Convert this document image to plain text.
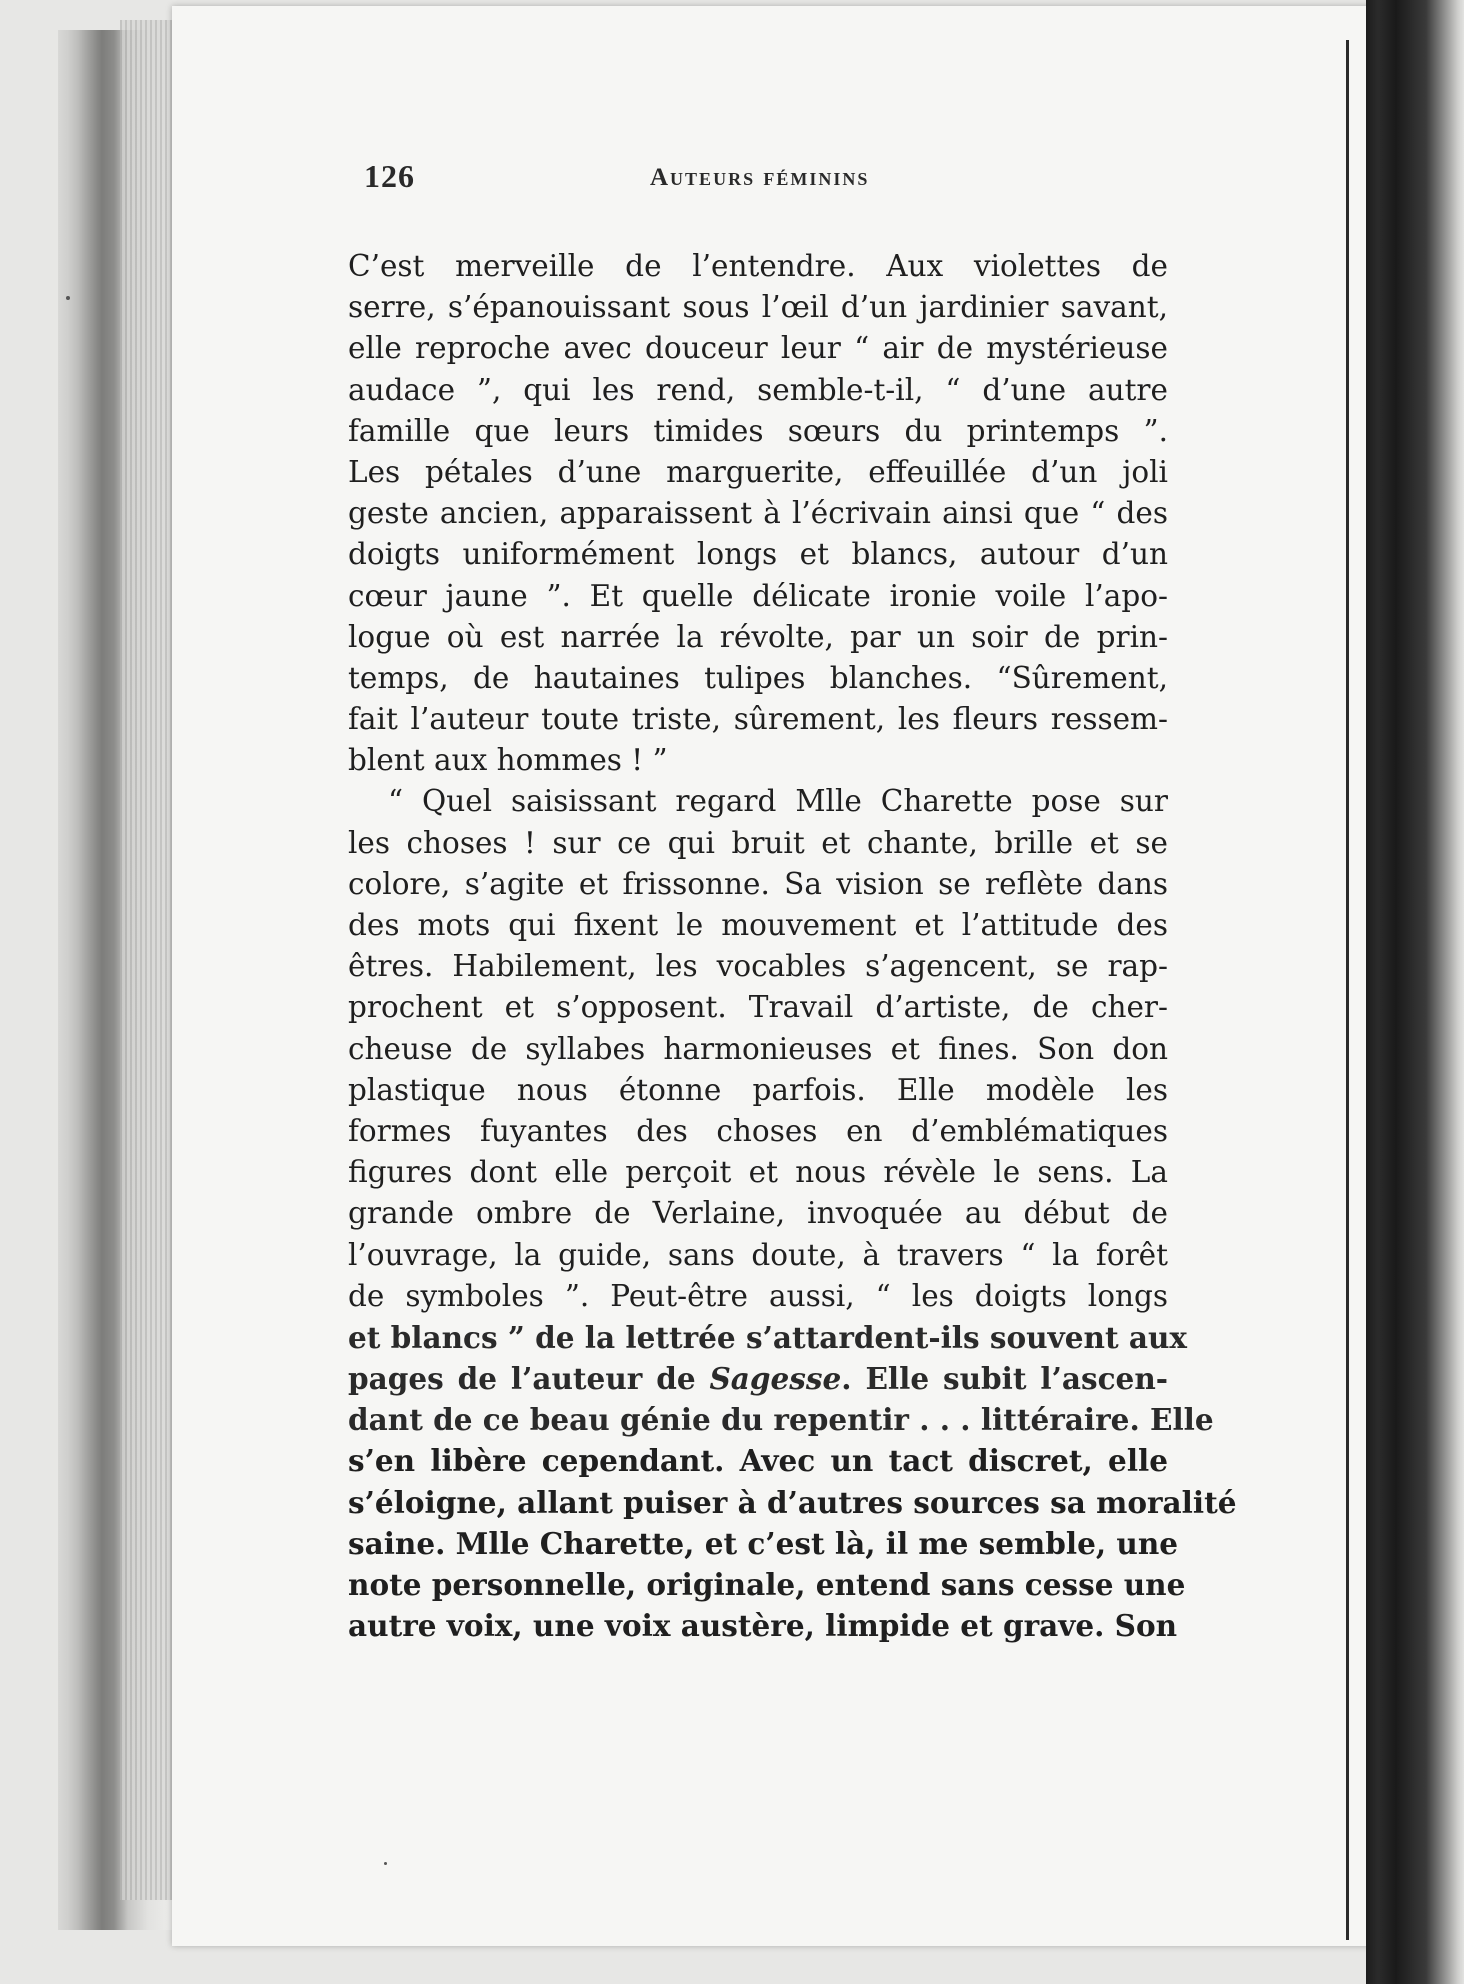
126	Auteurs féminins
C’est merveille de l’entendre. Aux violettes de
serre, s’épanouissant sous l’œil d’un jardinier savant,
elle reproche avec douceur leur “ air de mystérieuse
audace ”, qui les rend, semble-t-il, “ d’une autre
famille que leurs timides sœurs du printemps ”.
Les pétales d’une marguerite, effeuillée d’un joli
geste ancien, apparaissent à l’écrivain ainsi que “ des
doigts uniformément longs et blancs, autour d’un
cœur jaune ”. Et quelle délicate ironie voile l’apo-
logue où est narrée la révolte, par un soir de prin-
temps, de hautaines tulipes blanches. “Sûrement,
fait l’auteur toute triste, sûrement, les fleurs ressem-
blent aux hommes ! ”
“ Quel saisissant regard Mlle Charette pose sur
les choses ! sur ce qui bruit et chante, brille et se
colore, s’agite et frissonne. Sa vision se reflète dans
des mots qui fixent le mouvement et l’attitude des
êtres. Habilement, les vocables s’agencent, se rap-
prochent et s’opposent. Travail d’artiste, de cher-
cheuse de syllabes harmonieuses et fines. Son don
plastique nous étonne parfois. Elle modèle les
formes fuyantes des choses en d’emblématiques
figures dont elle perçoit et nous révèle le sens. La
grande ombre de Verlaine, invoquée au début de
l’ouvrage, la guide, sans doute, à travers “ la forêt
de symboles ”. Peut-être aussi, “ les doigts longs
et blancs ” de la lettrée s’attardent-ils souvent aux
pages de l’auteur de Sagesse. Elle subit l’ascen-
dant de ce beau génie du repentir . . . littéraire. Elle
s’en libère cependant. Avec un tact discret, elle
s’éloigne, allant puiser à d’autres sources sa moralité
saine. Mlle Charette, et c’est là, il me semble, une
note personnelle, originale, entend sans cesse une
autre voix, une voix austère, limpide et grave. Son
